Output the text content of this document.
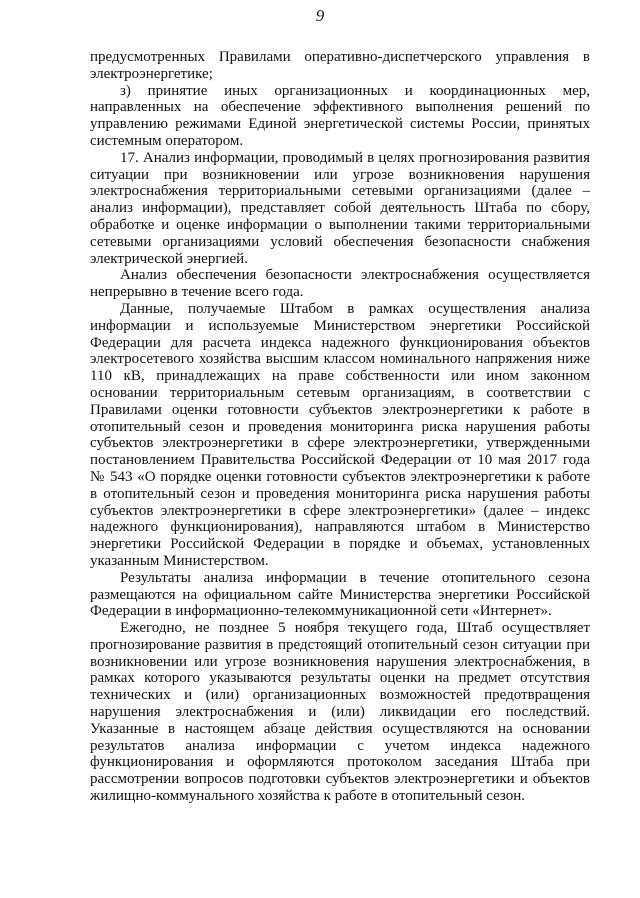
9

предусмотренных Правилами оперативно-диспетчерского управления в электроэнергетике;

з) принятие иных организационных и координационных мер, направленных на обеспечение эффективного выполнения решений по управлению режимами Единой энергетической системы России, принятых системным оператором.

17. Анализ информации, проводимый в целях прогнозирования развития ситуации при возникновении или угрозе возникновения нарушения электроснабжения территориальными сетевыми организациями (далее – анализ информации), представляет собой деятельность Штаба по сбору, обработке и оценке информации о выполнении такими территориальными сетевыми организациями условий обеспечения безопасности снабжения электрической энергией.

Анализ обеспечения безопасности электроснабжения осуществляется непрерывно в течение всего года.

Данные, получаемые Штабом в рамках осуществления анализа информации и используемые Министерством энергетики Российской Федерации для расчета индекса надежного функционирования объектов электросетевого хозяйства высшим классом номинального напряжения ниже 110 кВ, принадлежащих на праве собственности или ином законном основании территориальным сетевым организациям, в соответствии с Правилами оценки готовности субъектов электроэнергетики к работе в отопительный сезон и проведения мониторинга риска нарушения работы субъектов электроэнергетики в сфере электроэнергетики, утвержденными постановлением Правительства Российской Федерации от 10 мая 2017 года № 543 «О порядке оценки готовности субъектов электроэнергетики к работе в отопительный сезон и проведения мониторинга риска нарушения работы субъектов электроэнергетики в сфере электроэнергетики» (далее – индекс надежного функционирования), направляются штабом в Министерство энергетики Российской Федерации в порядке и объемах, установленных указанным Министерством.

Результаты анализа информации в течение отопительного сезона размещаются на официальном сайте Министерства энергетики Российской Федерации в информационно-телекоммуникационной сети «Интернет».

Ежегодно, не позднее 5 ноября текущего года, Штаб осуществляет прогнозирование развития в предстоящий отопительный сезон ситуации при возникновении или угрозе возникновения нарушения электроснабжения, в рамках которого указываются результаты оценки на предмет отсутствия технических и (или) организационных возможностей предотвращения нарушения электроснабжения и (или) ликвидации его последствий. Указанные в настоящем абзаце действия осуществляются на основании результатов анализа информации с учетом индекса надежного функционирования и оформляются протоколом заседания Штаба при рассмотрении вопросов подготовки субъектов электроэнергетики и объектов жилищно-коммунального хозяйства к работе в отопительный сезон.
